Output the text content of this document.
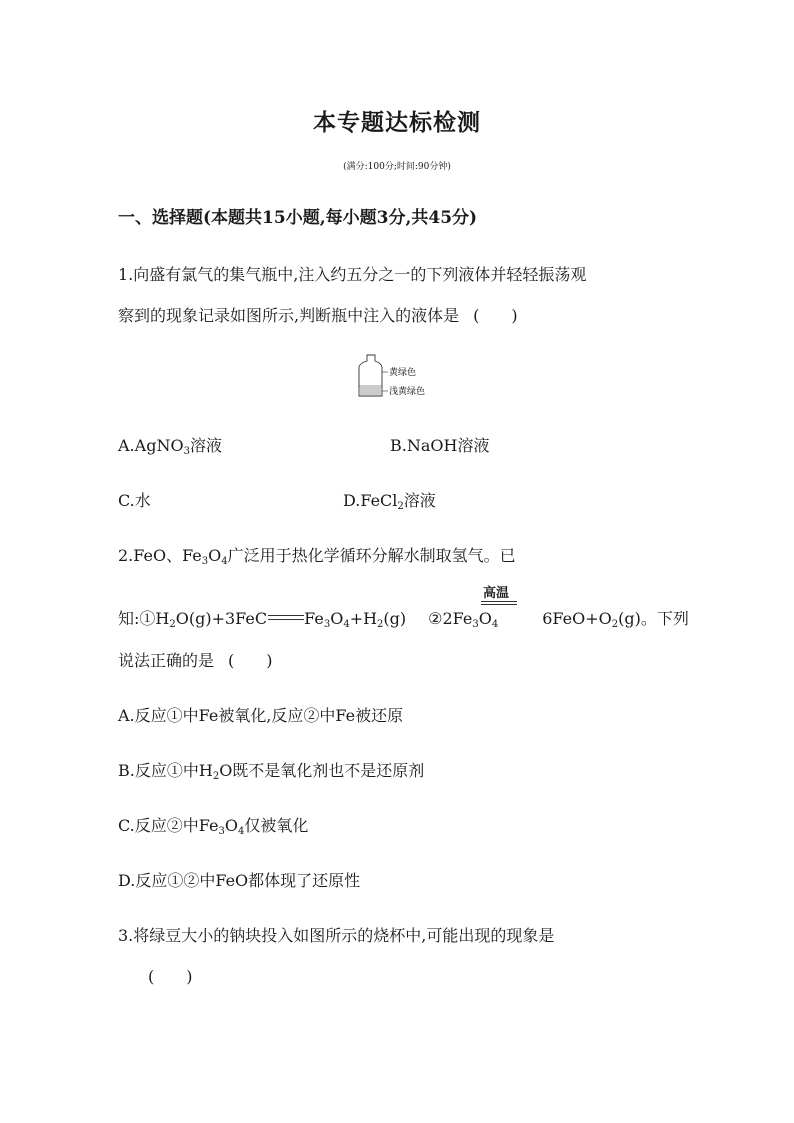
本专题达标检测
(满分:100分;时间:90分钟)
一、选择题(本题共15小题,每小题3分,共45分)
1.向盛有氯气的集气瓶中,注入约五分之一的下列液体并轻轻振荡观
察到的现象记录如图所示,判断瓶中注入的液体是 (　　)
黄绿色
浅黄绿色
A.AgNO$_3$溶液	B.NaOH溶液
C.水	D.FeCl$_2$溶液
2.FeO、$Fe_3O_4$广泛用于热化学循环分解水制取氢气。已
高温
知$:①H_2O(g)+3FeC$ $Fe_3O_4+H_2(g)$ $②2Fe_3O_4$	$6FeO+O_2(g)$。下列
说法正确的是 (　　)
A.反应①中Fe被氧化,反应②中Fe被还原
B.反应①中$H_2O$既不是氧化剂也不是还原剂
C.反应②中$Fe_3O_4$仅被氧化
D.反应①②中FeO都体现了还原性
3.将绿豆大小的钠块投入如图所示的烧杯中,可能出现的现象是
(　　)
